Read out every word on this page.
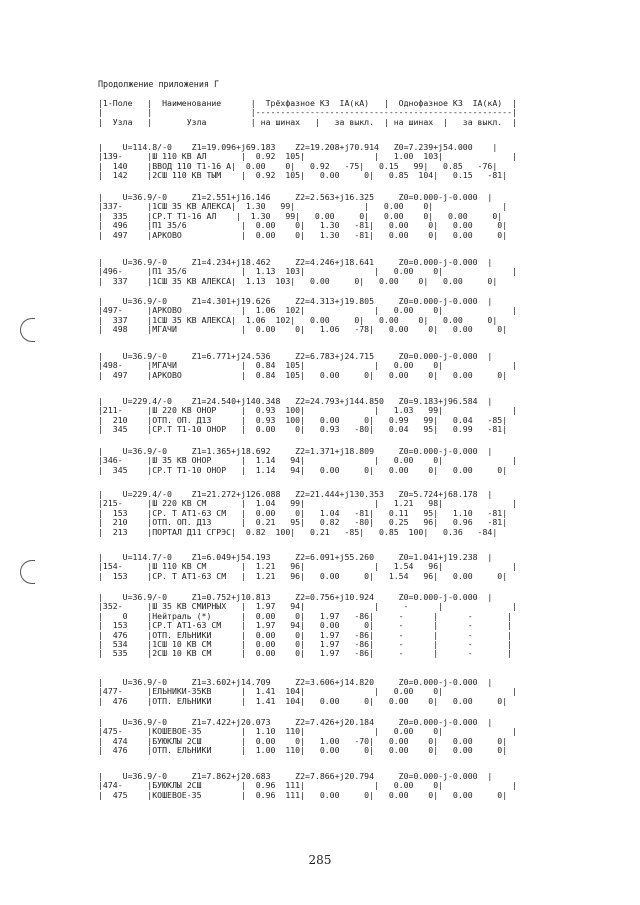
Продолжение приложения Г
|1-Поле   |  Наименование      |  Трёхфазное КЗ  IA(кА)   |  Однофазное КЗ  IA(кА)  |
|         |                    |----------------------------------------------------|
|  Узла   |       Узла         | на шинах   |   за выкл.  | на шинах  |   за выкл.  |
|    U=114.8/-0    Z1=19.096+j69.183    Z2=19.208+j70.914   Z0=7.239+j54.000    |
|139-     |Ш 110 КВ АЛ       |  0.92  105|              |   1.00  103|              |
|  140    |ВВОД 110 Т1-16 А|  0.00    0|   0.92   -75|   0.15   99|   0.85   -76|
|  142    |2СШ 110 КВ ТЫМ    |  0.92  105|   0.00     0|   0.85  104|   0.15   -81|
|    U=36.9/-0     Z1=2.551+j16.146     Z2=2.563+j16.325     Z0=0.000-j-0.000  |
|337-     |1СШ 35 КВ АЛЕКСА|  1.30   99|              |   0.00    0|              |
|  335    |СР.Т Т1-16 АЛ    |  1.30   99|   0.00     0|   0.00    0|   0.00     0|
|  496    |П1 35/6           |  0.00    0|   1.30   -81|   0.00    0|   0.00     0|
|  497    |АРКОВО            |  0.00    0|   1.30   -81|   0.00    0|   0.00     0|
|    U=36.9/-0     Z1=4.234+j18.462     Z2=4.246+j18.641     Z0=0.000-j-0.000  |
|496-     |П1 35/6           |  1.13  103|              |   0.00    0|              |
|  337    |1СШ 35 КВ АЛЕКСА|  1.13  103|   0.00     0|   0.00    0|   0.00     0|
|    U=36.9/-0     Z1=4.301+j19.626     Z2=4.313+j19.805     Z0=0.000-j-0.000  |
|497-     |АРКОВО            |  1.06  102|              |   0.00    0|              |
|  337    |1СШ 35 КВ АЛЕКСА|  1.06  102|   0.00     0|   0.00    0|   0.00     0|
|  498    |МГАЧИ             |  0.00    0|   1.06   -78|   0.00    0|   0.00     0|
|    U=36.9/-0     Z1=6.771+j24.536     Z2=6.783+j24.715     Z0=0.000-j-0.000  |
|498-     |МГАЧИ             |  0.84  105|              |   0.00    0|              |
|  497    |АРКОВО            |  0.84  105|   0.00     0|   0.00    0|   0.00     0|
|    U=229.4/-0    Z1=24.540+j140.348   Z2=24.793+j144.850   Z0=9.183+j96.584  |
|211-     |Ш 220 КВ ОНОР     |  0.93  100|              |   1.03   99|              |
|  210    |ОТП. ОП. Д13      |  0.93  100|   0.00     0|   0.99   99|   0.04   -85|
|  345    |СР.Т Т1-10 ОНОР   |  0.00    0|   0.93   -80|   0.04   95|   0.99   -81|
|    U=36.9/-0     Z1=1.365+j18.692     Z2=1.371+j18.809     Z0=0.000-j-0.000  |
|346-     |Ш 35 КВ ОНОР      |  1.14   94|              |   0.00    0|              |
|  345    |СР.Т Т1-10 ОНОР   |  1.14   94|   0.00     0|   0.00    0|   0.00     0|
|    U=229.4/-0    Z1=21.272+j126.088   Z2=21.444+j130.353   Z0=5.724+j68.178  |
|215-     |Ш 220 КВ СМ       |  1.04   99|              |   1.21   98|              |
|  153    |СР. Т АТ1-63 СМ   |  0.00    0|   1.04   -81|   0.11   95|   1.10   -81|
|  210    |ОТП. ОП. Д13      |  0.21   95|   0.82   -80|   0.25   96|   0.96   -81|
|  213    |ПОРТАЛ Д11 СГРЭС|  0.82  100|   0.21   -85|   0.85  100|   0.36   -84|
|    U=114.7/-0    Z1=6.049+j54.193     Z2=6.091+j55.260     Z0=1.041+j19.238  |
|154-     |Ш 110 КВ СМ       |  1.21   96|              |   1.54   96|              |
|  153    |СР. Т АТ1-63 СМ   |  1.21   96|   0.00     0|   1.54   96|   0.00     0|
|    U=36.9/-0     Z1=0.752+j10.813     Z2=0.756+j10.924     Z0=0.000-j-0.000  |
|352-     |Ш 35 КВ СМИРНЫХ   |  1.97   94|              |     -      |              |
|    0    |Нейтраль (*)      |  0.00    0|   1.97   -86|     -      |      -       |
|  153    |СР.Т АТ1-63 СМ    |  1.97   94|   0.00     0|     -      |      -       |
|  476    |ОТП. ЕЛЬНИКИ      |  0.00    0|   1.97   -86|     -      |      -       |
|  534    |1СШ 10 КВ СМ      |  0.00    0|   1.97   -86|     -      |      -       |
|  535    |2СШ 10 КВ СМ      |  0.00    0|   1.97   -86|     -      |      -       |
|    U=36.9/-0     Z1=3.602+j14.709     Z2=3.606+j14.820     Z0=0.000-j-0.000  |
|477-     |ЕЛЬНИКИ-35КВ      |  1.41  104|              |   0.00    0|              |
|  476    |ОТП. ЕЛЬНИКИ      |  1.41  104|   0.00     0|   0.00    0|   0.00     0|
|    U=36.9/-0     Z1=7.422+j20.073     Z2=7.426+j20.184     Z0=0.000-j-0.000  |
|475-     |КОШЕВОЕ-35        |  1.10  110|              |   0.00    0|              |
|  474    |БУЮКЛЫ 2СШ        |  0.00    0|   1.00   -70|   0.00    0|   0.00     0|
|  476    |ОТП. ЕЛЬНИКИ      |  1.00  110|   0.00     0|   0.00    0|   0.00     0|
|    U=36.9/-0     Z1=7.862+j20.683     Z2=7.866+j20.794     Z0=0.000-j-0.000  |
|474-     |БУЮКЛЫ 2СШ        |  0.96  111|              |   0.00    0|              |
|  475    |КОШЕВОЕ-35        |  0.96  111|   0.00     0|   0.00    0|   0.00     0|
285
